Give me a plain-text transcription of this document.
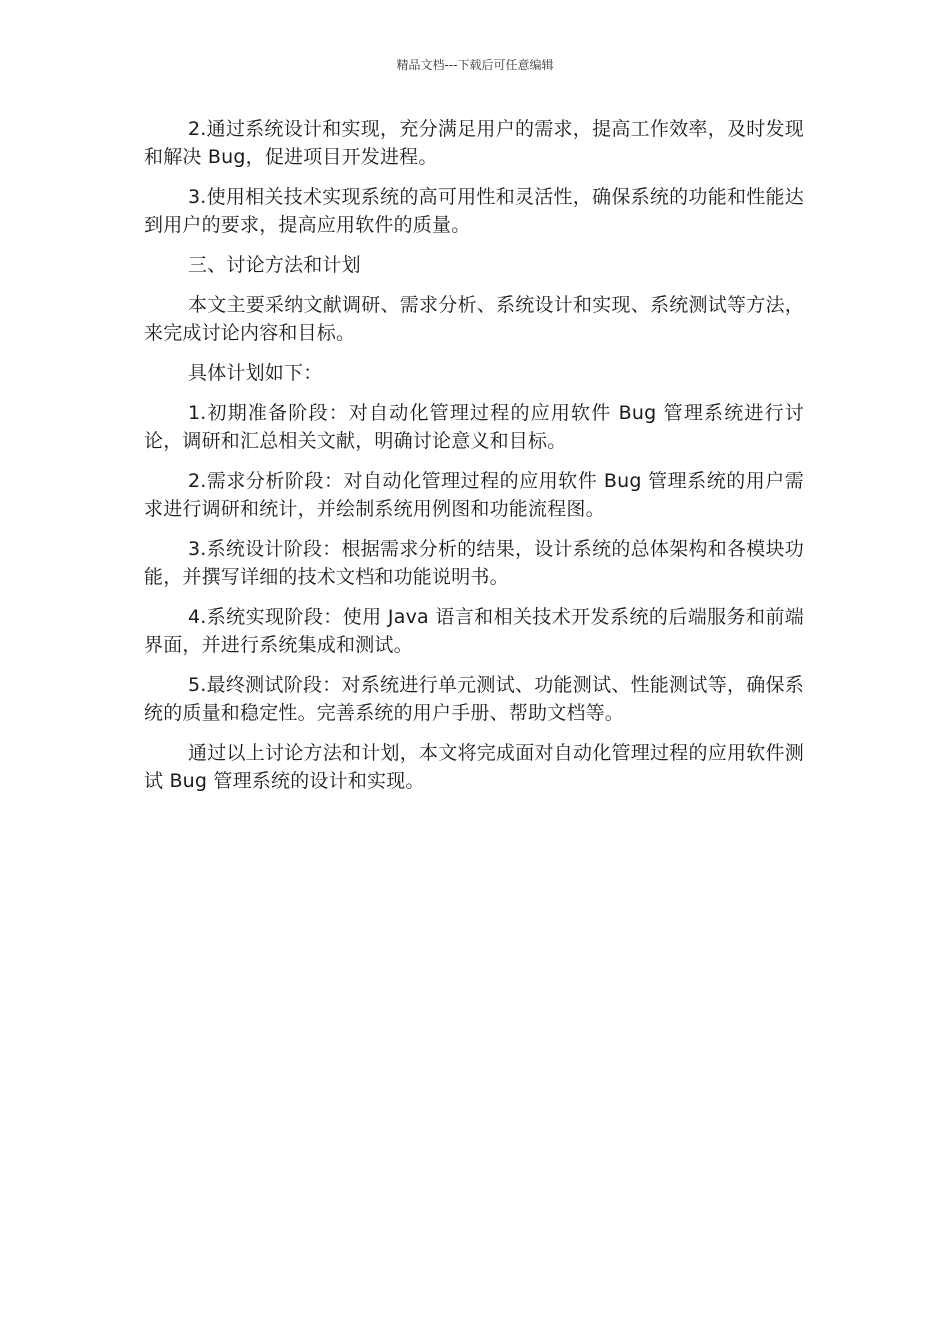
精品文档---下载后可任意编辑

2.通过系统设计和实现，充分满足用户的需求，提高工作效率，及时发现和解决 Bug，促进项目开发进程。

3.使用相关技术实现系统的高可用性和灵活性，确保系统的功能和性能达到用户的要求，提高应用软件的质量。

三、讨论方法和计划

本文主要采纳文献调研、需求分析、系统设计和实现、系统测试等方法，来完成讨论内容和目标。

具体计划如下：

1.初期准备阶段：对自动化管理过程的应用软件 Bug 管理系统进行讨论，调研和汇总相关文献，明确讨论意义和目标。

2.需求分析阶段：对自动化管理过程的应用软件 Bug 管理系统的用户需求进行调研和统计，并绘制系统用例图和功能流程图。

3.系统设计阶段：根据需求分析的结果，设计系统的总体架构和各模块功能，并撰写详细的技术文档和功能说明书。

4.系统实现阶段：使用 Java 语言和相关技术开发系统的后端服务和前端界面，并进行系统集成和测试。

5.最终测试阶段：对系统进行单元测试、功能测试、性能测试等，确保系统的质量和稳定性。完善系统的用户手册、帮助文档等。

通过以上讨论方法和计划，本文将完成面对自动化管理过程的应用软件测试 Bug 管理系统的设计和实现。
